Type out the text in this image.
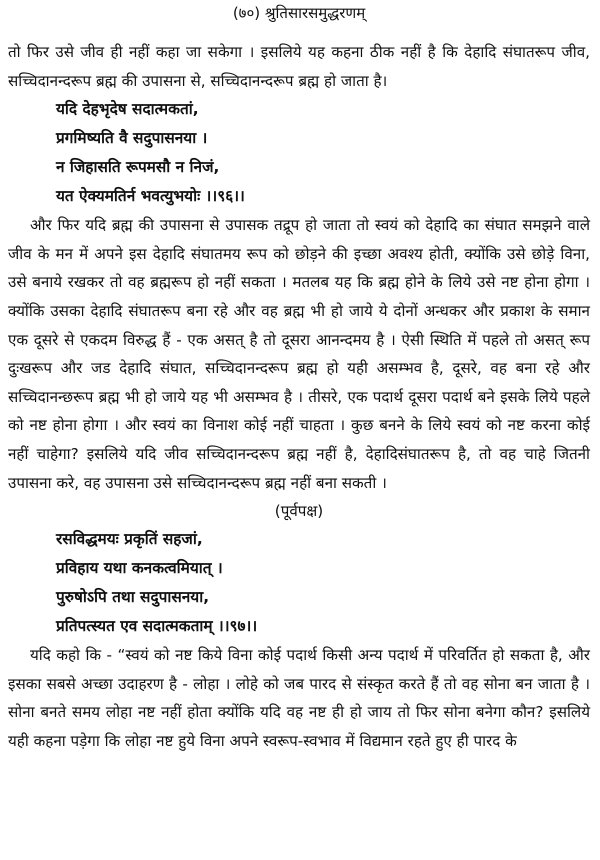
(७०) श्रुतिसारसमुद्धरणम्

तो फिर उसे जीव ही नहीं कहा जा सकेगा । इसलिये यह कहना ठीक नहीं है कि देहादि संघातरूप जीव, सच्चिदानन्दरूप ब्रह्म की उपासना से, सच्चिदानन्दरूप ब्रह्म हो जाता है।

यदि देहभृदेष सदात्मकतां,
प्रगमिष्यति वै सदुपासनया ।
न जिहासति रूपमसौ न निजं,
यत ऐक्यमतिर्न भवत्युभयोः ।।९६।।

और फिर यदि ब्रह्म की उपासना से उपासक तद्रूप हो जाता तो स्वयं को देहादि का संघात समझने वाले जीव के मन में अपने इस देहादि संघातमय रूप को छोड़ने की इच्छा अवश्य होती, क्योंकि उसे छोड़े विना, उसे बनाये रखकर तो वह ब्रह्मरूप हो नहीं सकता । मतलब यह कि ब्रह्म होने के लिये उसे नष्ट होना होगा । क्योंकि उसका देहादि संघातरूप बना रहे और वह ब्रह्म भी हो जाये ये दोनों अन्धकर और प्रकाश के समान एक दूसरे से एकदम विरुद्ध हैं - एक असत् है तो दूसरा आनन्दमय है । ऐसी स्थिति में पहले तो असत् रूप दुःखरूप और जड देहादि संघात, सच्चिदानन्दरूप ब्रह्म हो यही असम्भव है, दूसरे, वह बना रहे और सच्चिदानन्छरूप ब्रह्म भी हो जाये यह भी असम्भव है । तीसरे, एक पदार्थ दूसरा पदार्थ बने इसके लिये पहले को नष्ट होना होगा । और स्वयं का विनाश कोई नहीं चाहता । कुछ बनने के लिये स्वयं को नष्ट करना कोई नहीं चाहेगा? इसलिये यदि जीव सच्चिदानन्दरूप ब्रह्म नहीं है, देहादिसंघातरूप है, तो वह चाहे जितनी उपासना करे, वह उपासना उसे सच्चिदानन्दरूप ब्रह्म नहीं बना सकती ।

(पूर्वपक्ष)
रसविद्धमयः प्रकृतिं सहजां,
प्रविहाय यथा कनकत्वमियात् ।
पुरुषोऽपि तथा सदुपासनया,
प्रतिपत्स्यत एव सदात्मकताम् ।।९७।।

यदि कहो कि - “स्वयं को नष्ट किये विना कोई पदार्थ किसी अन्य पदार्थ में परिवर्तित हो सकता है, और इसका सबसे अच्छा उदाहरण है - लोहा । लोहे को जब पारद से संस्कृत करते हैं तो वह सोना बन जाता है । सोना बनते समय लोहा नष्ट नहीं होता क्योंकि यदि वह नष्ट ही हो जाय तो फिर सोना बनेगा कौन? इसलिये यही कहना पड़ेगा कि लोहा नष्ट हुये विना अपने स्वरूप-स्वभाव में विद्यमान रहते हुए ही पारद के
